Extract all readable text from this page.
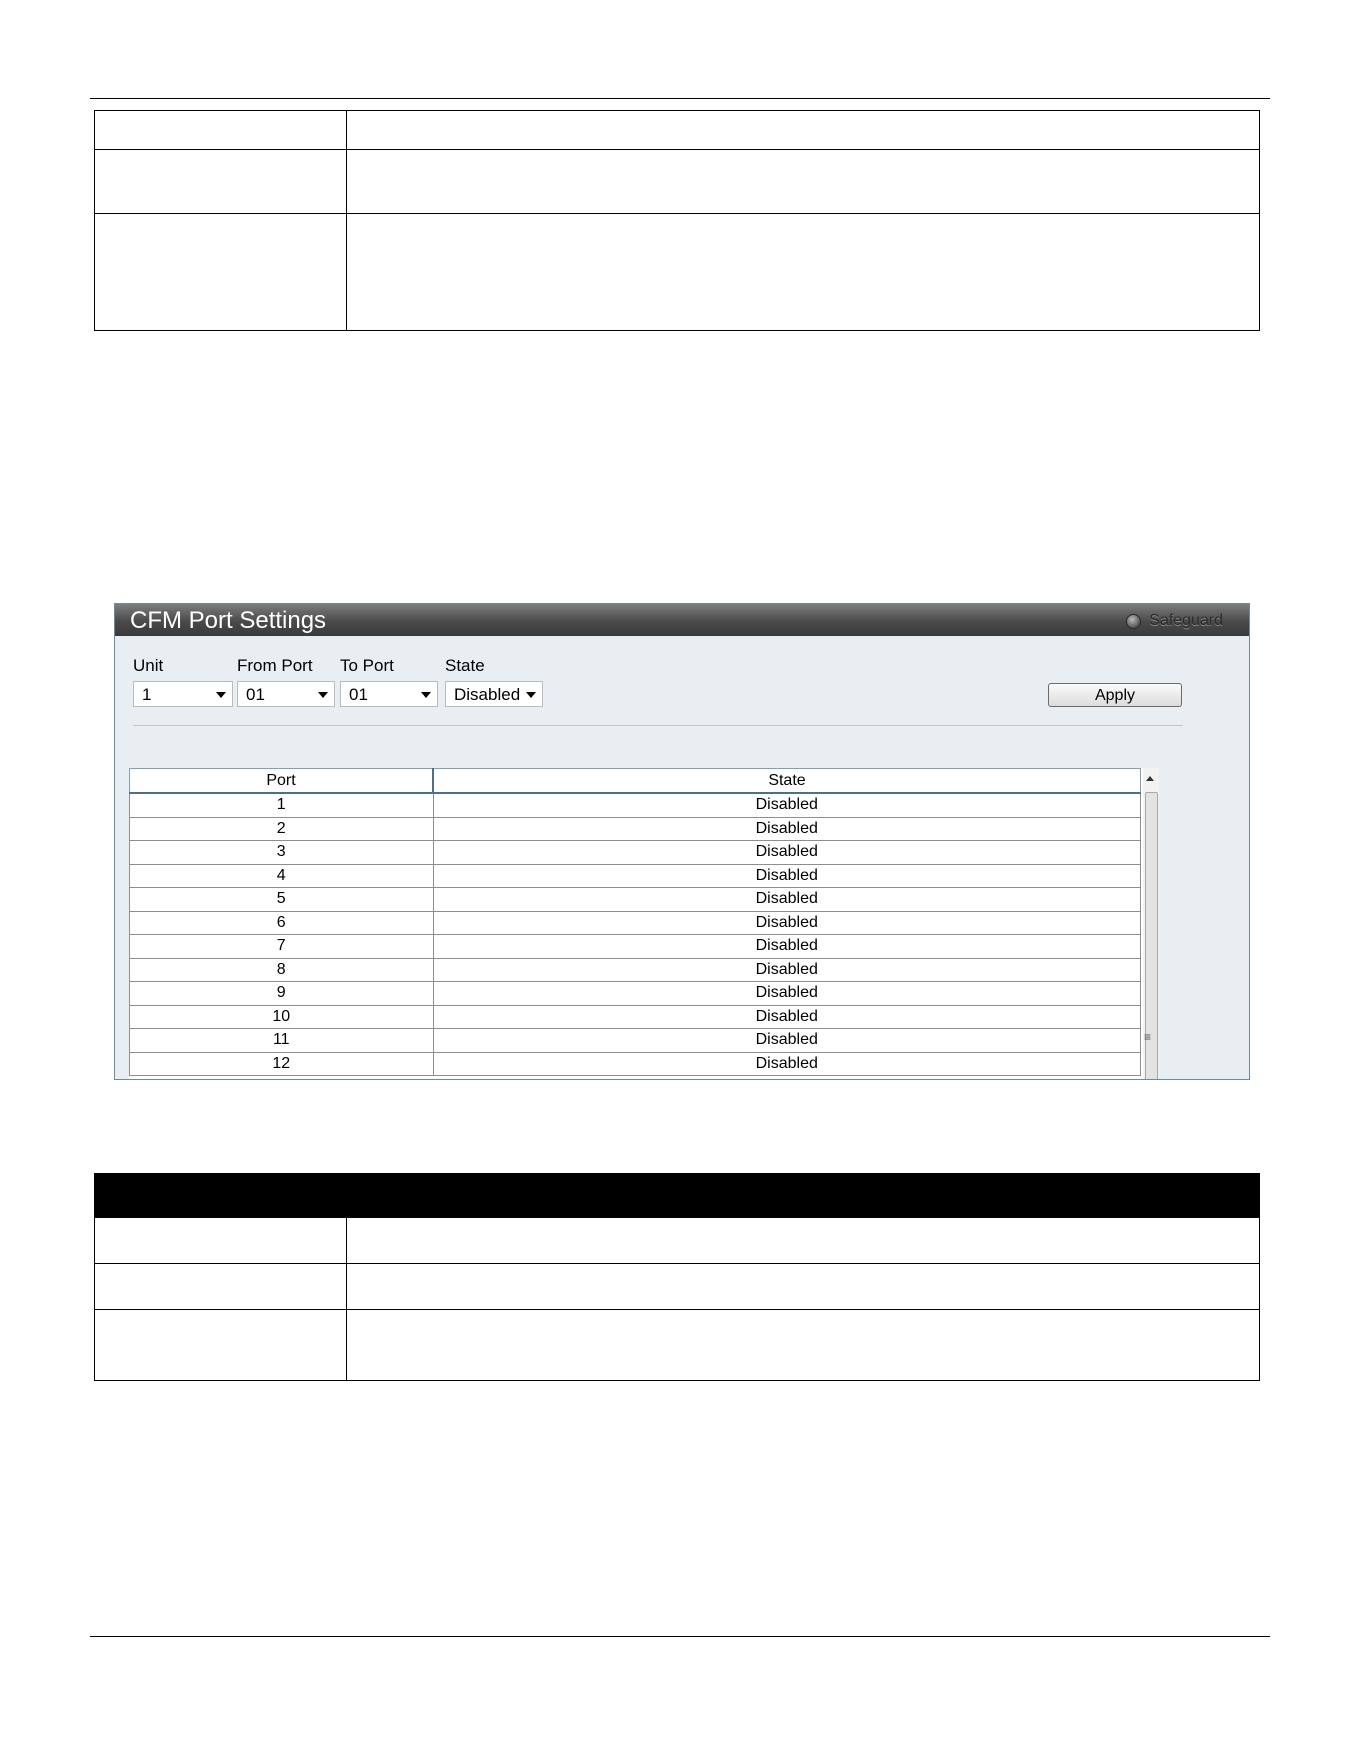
CFM Port Settings	Safeguard
Unit	From Port To Port	State
1	01	01	Disabled	Apply
Port	State
1	Disabled
2	Disabled
3	Disabled
4	Disabled
5	Disabled
6	Disabled
7	Disabled
8	Disabled
9	Disabled
10	Disabled
11	Disabled
12	Disabled
≡
